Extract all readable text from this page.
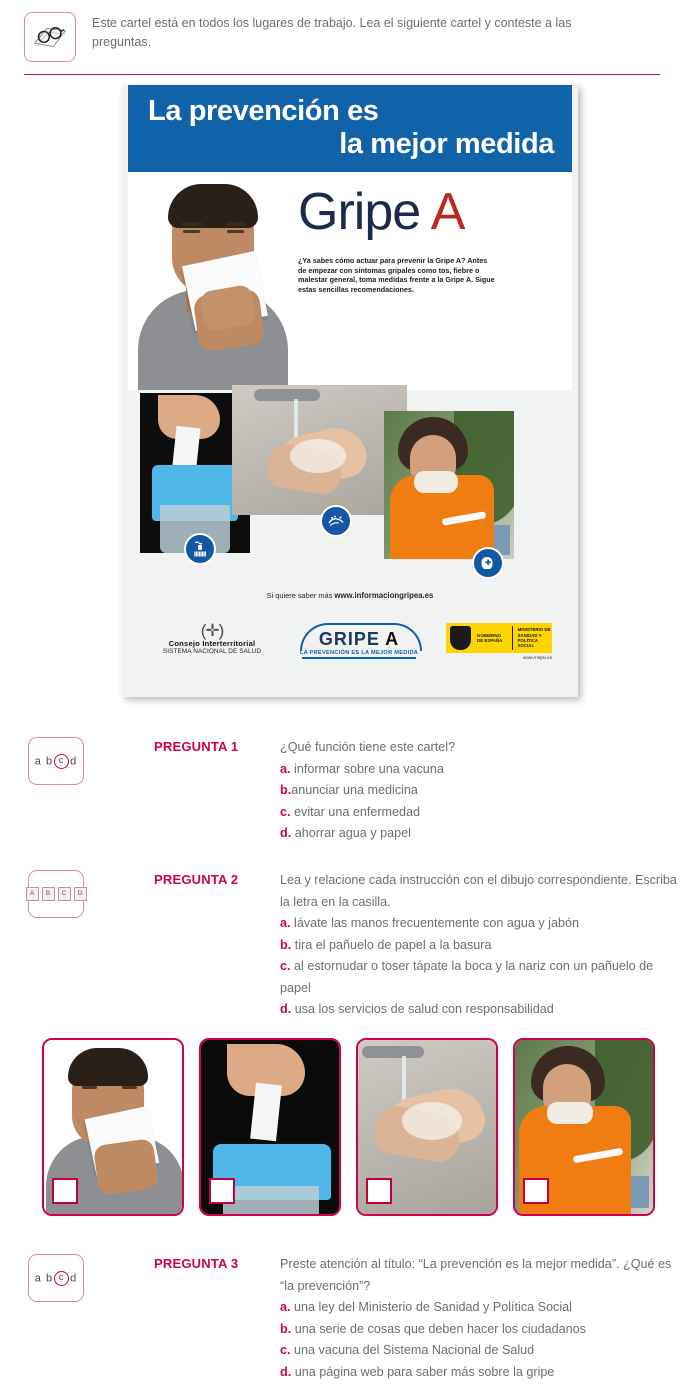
Este cartel está en todos los lugares de trabajo. Lea el siguiente cartel y conteste a las preguntas.
La prevención es
la mejor medida
Gripe A
¿Ya sabes cómo actuar para prevenir la Gripe A? Antes de empezar con síntomas gripales como tos, fiebre o malestar general, toma medidas frente a la Gripe A. Sigue estas sencillas recomendaciones.
Si quiere saber más www.informaciongripea.es
(✛)
Consejo Interterritorial
SISTEMA NACIONAL DE SALUD
GRIPE A
LA PREVENCIÓN ES LA MEJOR MEDIDA
GOBIERNO DE ESPAÑA
MINISTERIO DE SANIDAD Y POLÍTICA SOCIAL
www.mspsi.es
a b c d
PREGUNTA 1	¿Qué función tiene este cartel?

a. informar sobre una vacuna

b.anunciar una medicina

c. evitar una enfermedad

d. ahorrar agua y papel

A	B	C	D
PREGUNTA 2	Lea y relacione cada instrucción con el dibujo correspondiente. Escriba la letra en la casilla.

a. lávate las manos frecuentemente con agua y jabón

b. tira el pañuelo de papel a la basura

c. al estornudar o toser tápate la boca y la nariz con un pañuelo de papel

d. usa los servicios de salud con responsabilidad

a b c d
PREGUNTA 3	Preste atención al título: “La prevención es la mejor medida”. ¿Qué es “la prevención”?

a. una ley del Ministerio de Sanidad y Política Social

b. una serie de cosas que deben hacer los ciudadanos

c. una vacuna del Sistema Nacional de Salud

d. una página web para saber más sobre la gripe
